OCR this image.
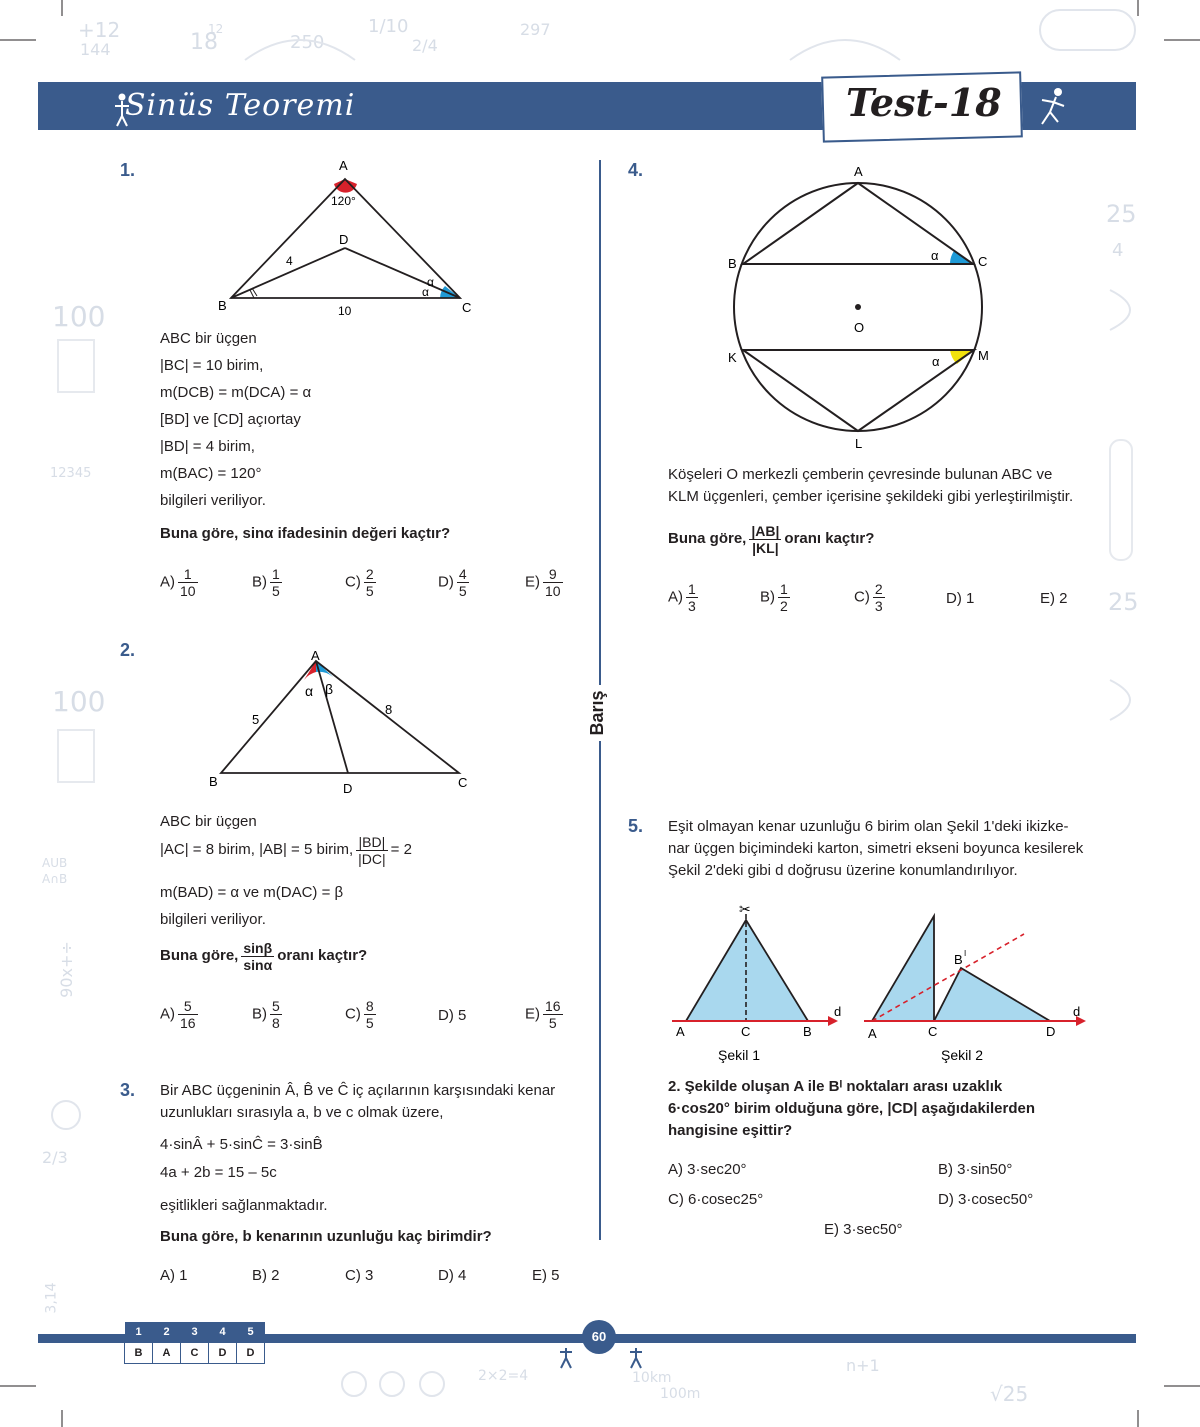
+12
144	18
12
250
1/10
2/4
297
100
100
25
25
4
12345
AUB
A∩B
3,14
2/3
90x+÷
2×2=4	10km
100m
n+1
√25
Sinüs Teoremi	Test-18
Barış
1.	A
B	C
D
120°
4
10
α
α
ABC bir üçgen
|BC| = 10 birim,
m(DCB) = m(DCA) = α
[BD] ve [CD] açıortay
|BD| = 4 birim,
m(BAC) = 120°
bilgileri veriliyor.
Buna göre, sinα ifadesinin değeri kaçtır?
$A) \frac{1}{10}$	$B) \frac{1}{5}$	$C) \frac{2}{5}$	$D) \frac{4}{5}$	$E) \frac{9}{10}$
2.	A
B	C
D
5
8
α β
ABC bir üçgen
|AC| = 8 birim, |AB| = 5 birim, $\frac{|BD|}{|DC|} = 2$
m(BAD) = α ve m(DAC) = β
bilgileri veriliyor.
Buna göre, $\frac{\sin\beta}{\sin\alpha}$ oranı kaçtır?
$A) \frac{5}{16}$	$B) \frac{5}{8}$	$C) \frac{8}{5}$	D) 5	$E) \frac{16}{5}$
3. Bir ABC üçgeninin Â, B̂ ve Ĉ iç açılarının karşısındaki kenar
uzunlukları sırasıyla a, b ve c olmak üzere,
4·sinÂ + 5·sinĈ = 3·sinB̂
4a + 2b = 15 – 5c
eşitlikleri sağlanmaktadır.
Buna göre, b kenarının uzunluğu kaç birimdir?
A) 1	B) 2	C) 3	D) 4	E) 5
4.	A
B	C
K
L
M
O
α
α
Köşeleri O merkezli çemberin çevresinde bulunan ABC ve
KLM üçgenleri, çember içerisine şekildeki gibi yerleştirilmiştir.
Buna göre, $\frac{|AB|}{|KL|}$ oranı kaçtır?
$A) \frac{1}{3}$	$B) \frac{1}{2}$	$C) \frac{2}{3}$	D) 1	E) 2
5. Eşit olmayan kenar uzunluğu 6 birim olan Şekil 1'deki ikizke-
nar üçgen biçimindeki karton, simetri ekseni boyunca kesilerek
Şekil 2'deki gibi d doğrusu üzerine konumlandırılıyor.
✂
A	C	B
d
Şekil 1
A	C	D
B I
d
Şekil 2
2. Şekilde oluşan A ile Bᴵ noktaları arası uzaklık
6·cos20° birim olduğuna göre, |CD| aşağıdakilerden
hangisine eşittir?
A) 3·sec20°	B) 3·sin50°
C) 6·cosec25°	D) 3·cosec50°
E) 3·sec50°
1	2	3	4	5
B	A	C	D	D
60
